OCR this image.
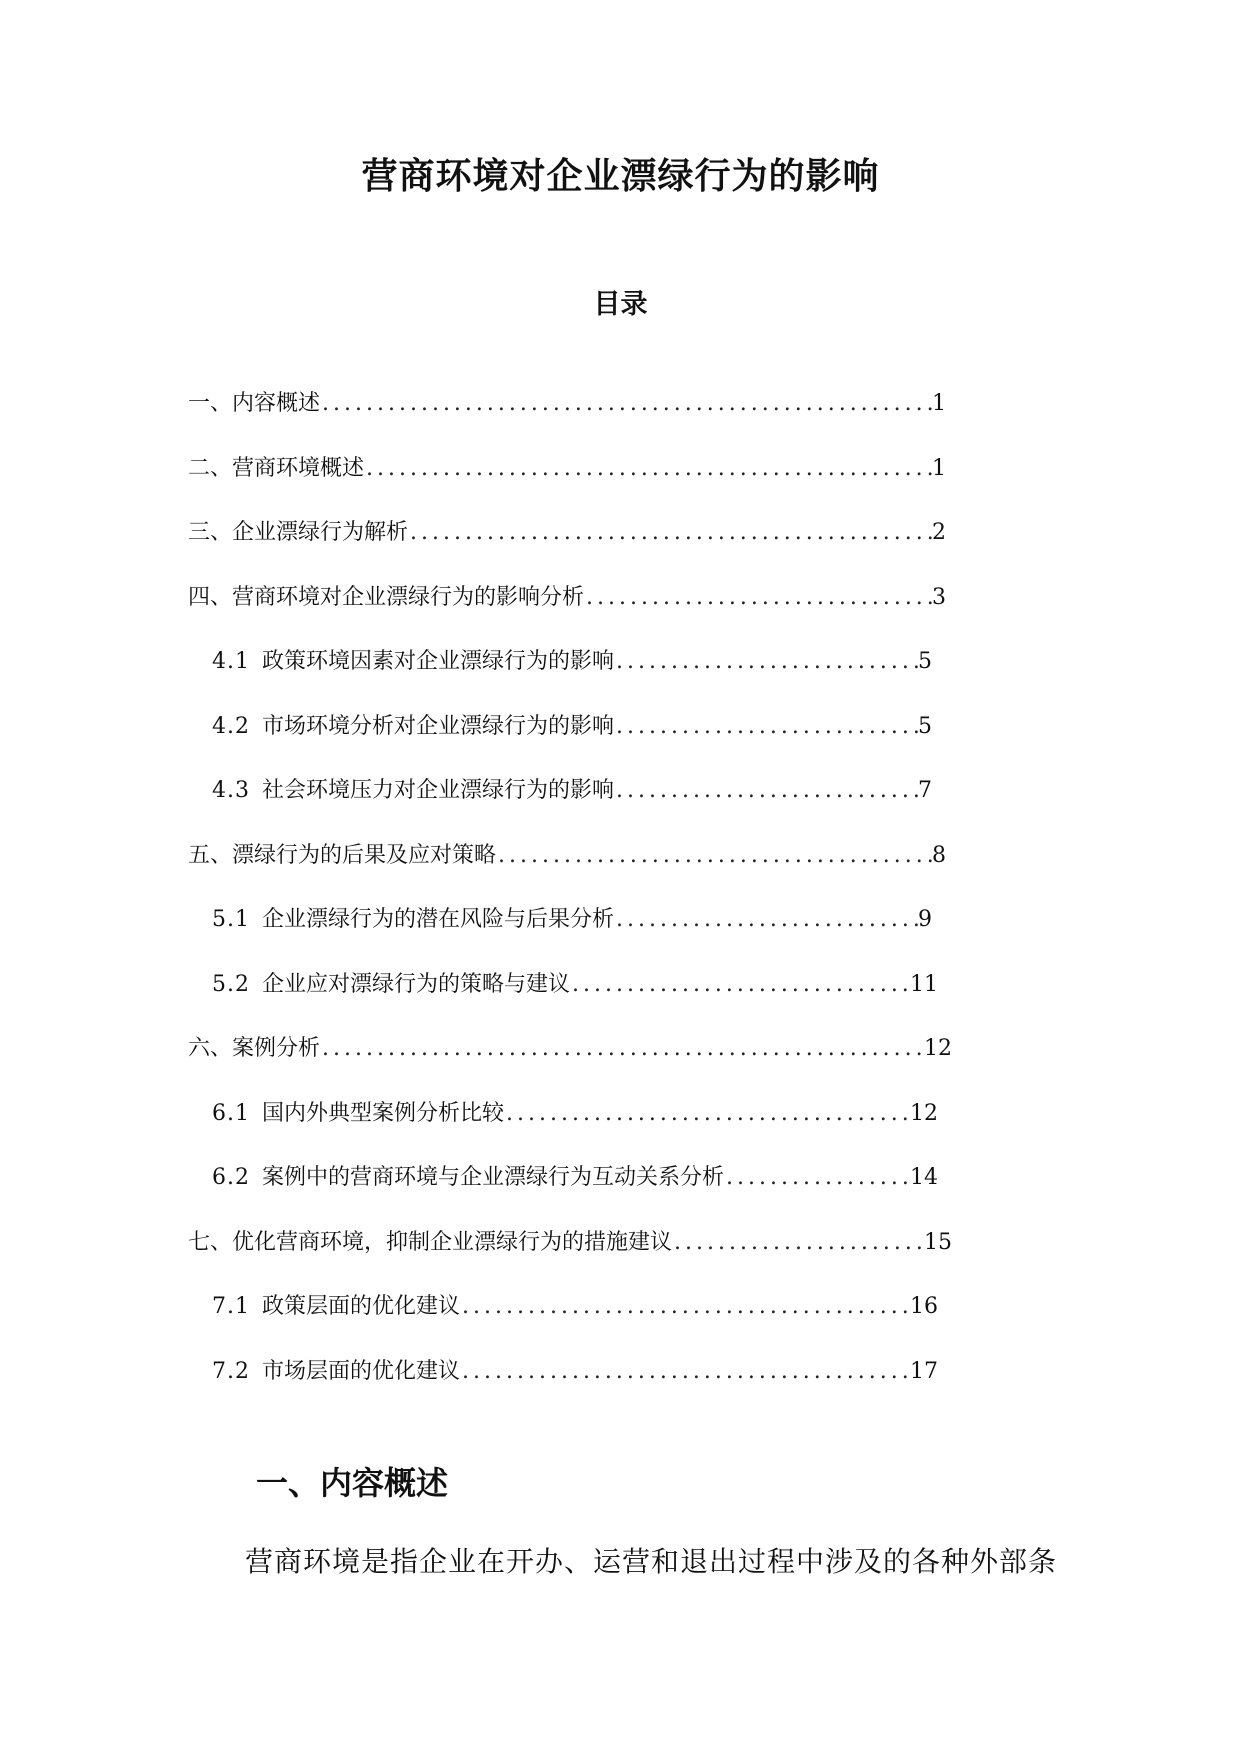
营商环境对企业漂绿行为的影响
目录
一、内容概述 .....	1
二、营商环境概述 .....	1
三、企业漂绿行为解析 .....	2
四、营商环境对企业漂绿行为的影响分析 .....	3
4.1 政策环境因素对企业漂绿行为的影响 .....	5
4.2 市场环境分析对企业漂绿行为的影响 .....	5
4.3 社会环境压力对企业漂绿行为的影响 .....	7
五、漂绿行为的后果及应对策略 .....	8
5.1 企业漂绿行为的潜在风险与后果分析 .....	9
5.2 企业应对漂绿行为的策略与建议 .....	11
六、案例分析 .....	12
6.1 国内外典型案例分析比较 .....	12
6.2 案例中的营商环境与企业漂绿行为互动关系分析 .....	14
七、优化营商环境，抑制企业漂绿行为的措施建议 .....	15
7.1 政策层面的优化建议 .....	16
7.2 市场层面的优化建议 .....	17
一、内容概述
营商环境是指企业在开办、运营和退出过程中涉及的各种外部条
